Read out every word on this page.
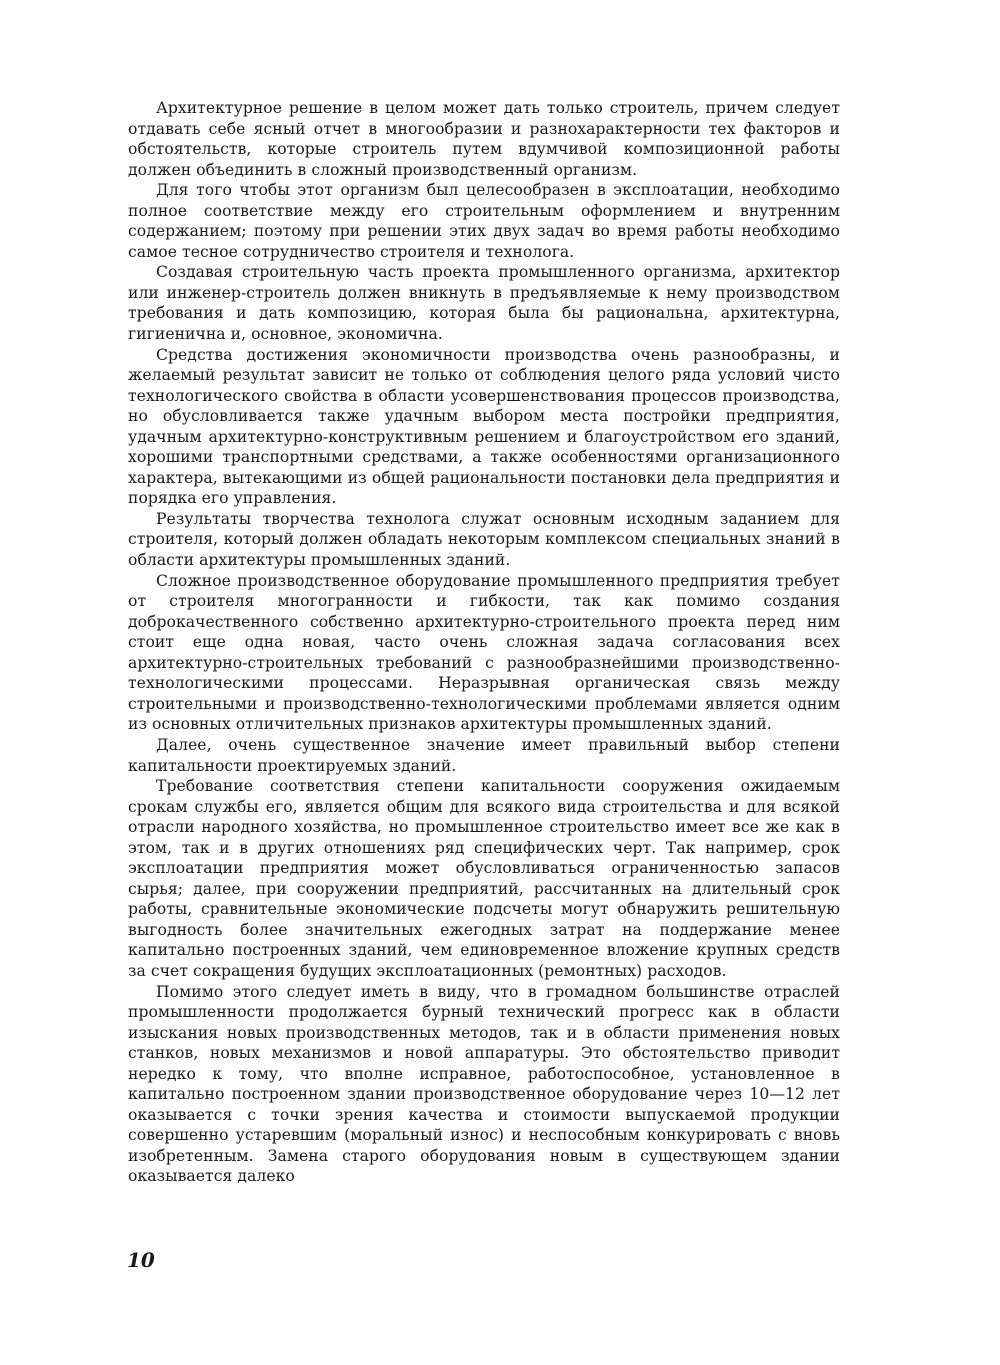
Архитектурное решение в целом может дать только строитель, причем следует отдавать себе ясный отчет в многообразии и разнохарактерности тех факторов и обстоятельств, которые строитель путем вдумчивой композиционной работы должен объединить в сложный производственный организм.

Для того чтобы этот организм был целесообразен в эксплоатации, необходимо полное соответствие между его строительным оформлением и внутренним содержанием; поэтому при решении этих двух задач во время работы необходимо самое тесное сотрудничество строителя и технолога.

Создавая строительную часть проекта промышленного организма, архитектор или инженер-строитель должен вникнуть в предъявляемые к нему производством требования и дать композицию, которая была бы рациональна, архитектурна, гигиенична и, основное, экономична.

Средства достижения экономичности производства очень разнообразны, и желаемый результат зависит не только от соблюдения целого ряда условий чисто технологического свойства в области усовершенствования процессов производства, но обусловливается также удачным выбором места постройки предприятия, удачным архитектурно-конструктивным решением и благоустройством его зданий, хорошими транспортными средствами, а также особенностями организационного характера, вытекающими из общей рациональности постановки дела предприятия и порядка его управления.

Результаты творчества технолога служат основным исходным заданием для строителя, который должен обладать некоторым комплексом специальных знаний в области архитектуры промышленных зданий.

Сложное производственное оборудование промышленного предприятия требует от строителя многогранности и гибкости, так как помимо создания доброкачественного собственно архитектурно-строительного проекта перед ним стоит еще одна новая, часто очень сложная задача согласования всех архитектурно-строительных требований с разнообразнейшими производственно-технологическими процессами. Неразрывная органическая связь между строительными и производственно-технологическими проблемами является одним из основных отличительных признаков архитектуры промышленных зданий.

Далее, очень существенное значение имеет правильный выбор степени капитальности проектируемых зданий.

Требование соответствия степени капитальности сооружения ожидаемым срокам службы его, является общим для всякого вида строительства и для всякой отрасли народного хозяйства, но промышленное строительство имеет все же как в этом, так и в других отношениях ряд специфических черт. Так например, срок эксплоатации предприятия может обусловливаться ограниченностью запасов сырья; далее, при сооружении предприятий, рассчитанных на длительный срок работы, сравнительные экономические подсчеты могут обнаружить решительную выгодность более значительных ежегодных затрат на поддержание менее капитально построенных зданий, чем единовременное вложение крупных средств за счет сокращения будущих эксплоатационных (ремонтных) расходов.

Помимо этого следует иметь в виду, что в громадном большинстве отраслей промышленности продолжается бурный технический прогресс как в области изыскания новых производственных методов, так и в области применения новых станков, новых механизмов и новой аппаратуры. Это обстоятельство приводит нередко к тому, что вполне исправное, работоспособное, установленное в капитально построенном здании производственное оборудование через 10—12 лет оказывается с точки зрения качества и стоимости выпускаемой продукции совершенно устаревшим (моральный износ) и неспособным конкурировать с вновь изобретенным. Замена старого оборудования новым в существующем здании оказывается далеко

10
